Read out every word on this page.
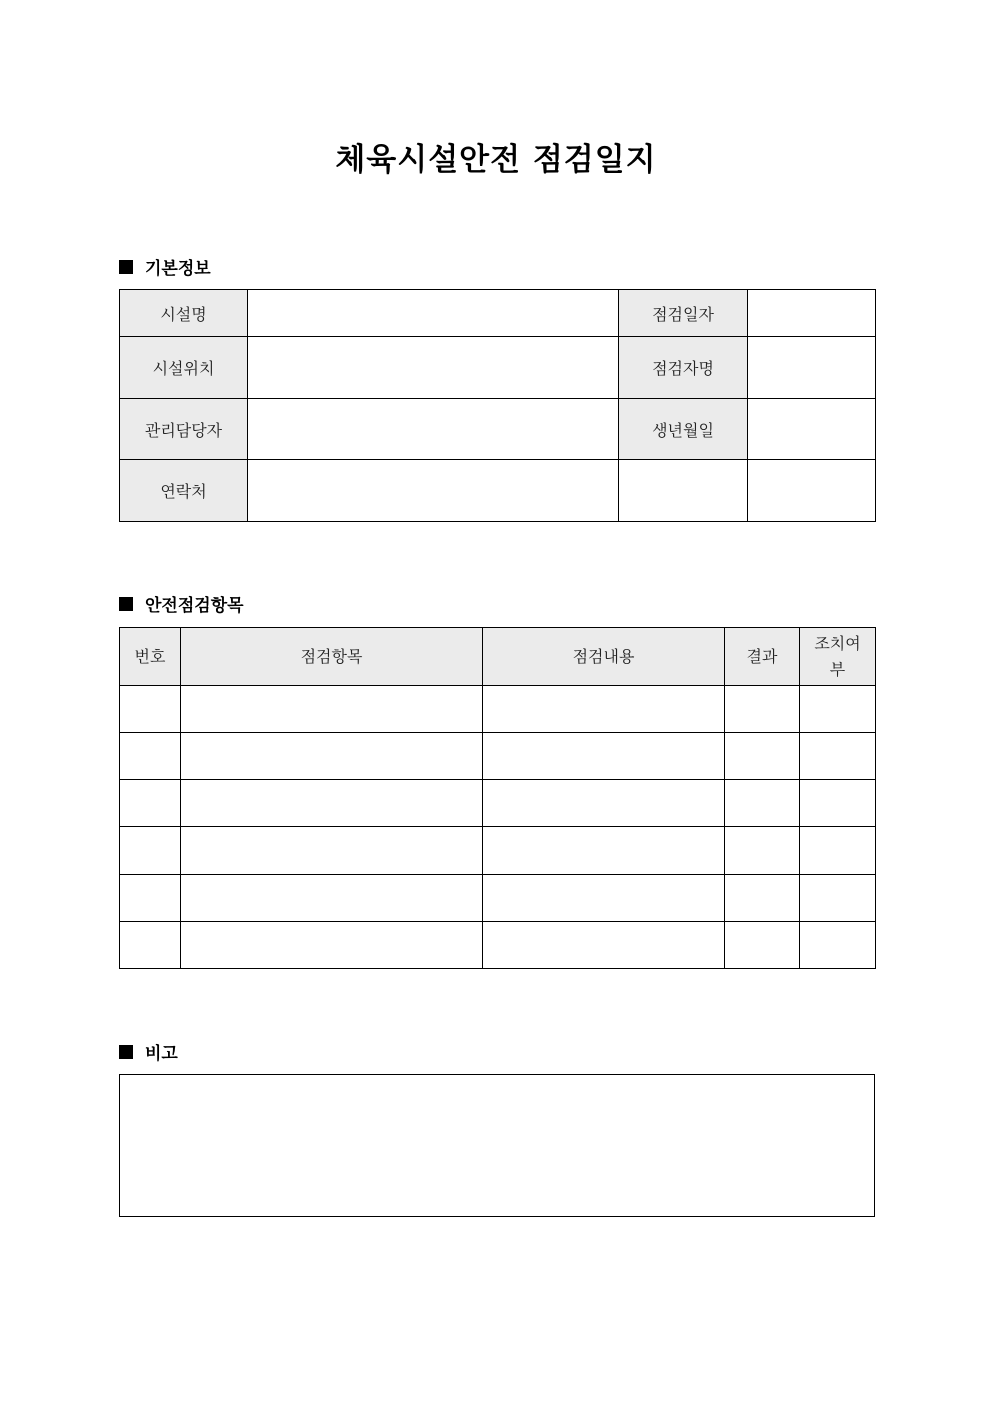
체육시설안전 점검일지
기본정보
시설명		점검일자	
시설위치		점검자명	
관리담당자		생년월일	
연락처			
안전점검항목
번호	점검항목	점검내용	결과	조치여부

비고
